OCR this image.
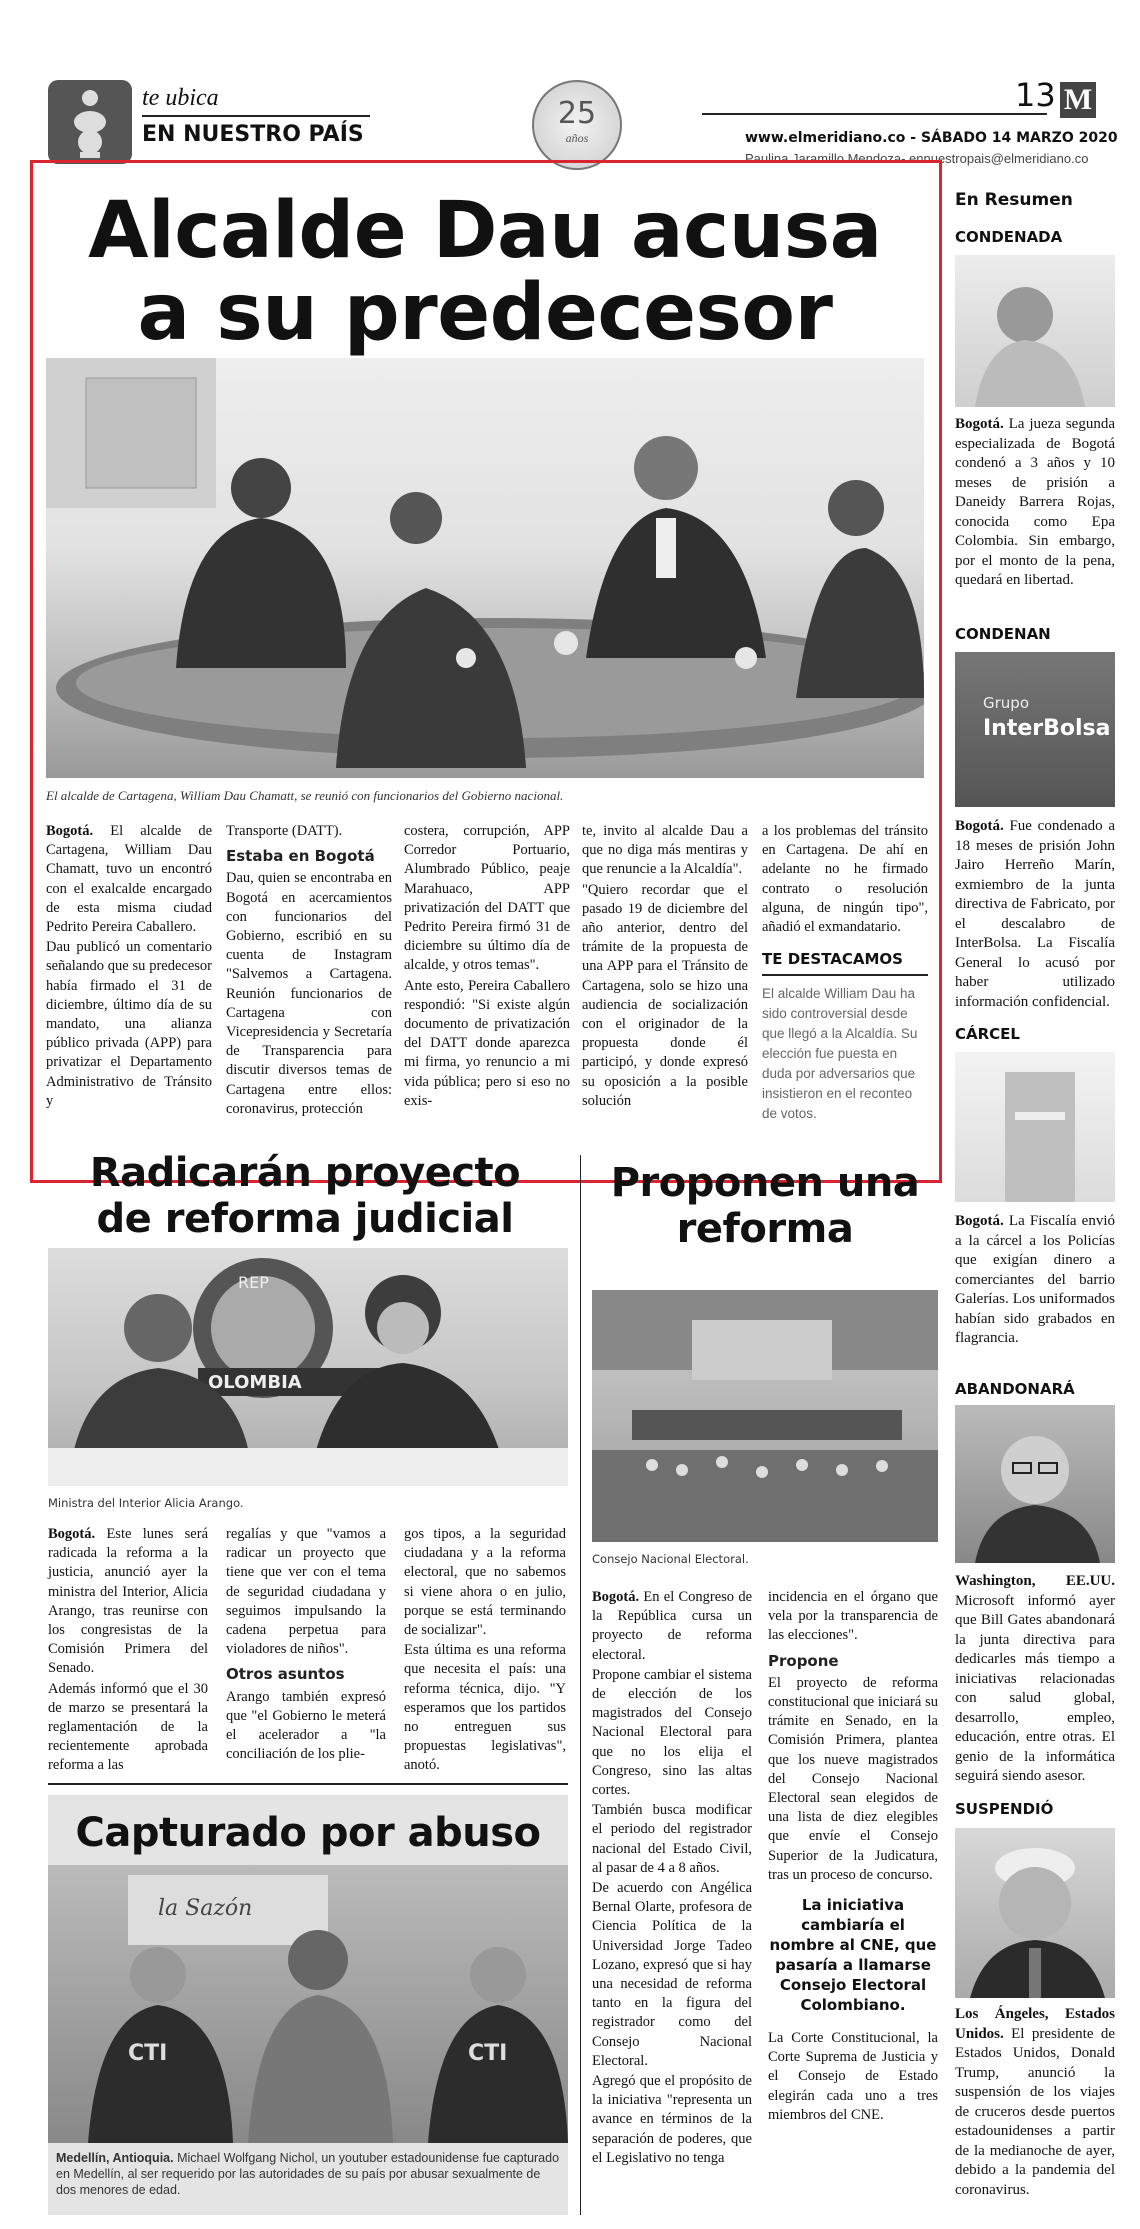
te ubica
EN NUESTRO PAÍS
25
años
13 M
www.elmeridiano.co - SÁBADO 14 MARZO 2020
Paulina Jaramillo Mendoza- ennuestropais@elmeridiano.co
Alcalde Dau acusa
a su predecesor
El alcalde de Cartagena, William Dau Chamatt, se reunió con funcionarios del Gobierno nacional.

Bogotá. El alcalde de Cartagena, William Dau Chamatt, tuvo un encontró con el exalcalde encargado de esta misma ciudad Pedrito Pereira Caballero.

Dau publicó un comentario señalando que su predecesor había firmado el 31 de diciembre, último día de su mandato, una alianza público privada (APP) para privatizar el Departamento Administrativo de Tránsito y

Transporte (DATT).

Estaba en Bogotá

Dau, quien se encontraba en Bogotá en acercamientos con funcionarios del Gobierno, escribió en su cuenta de Instagram "Salvemos a Cartagena. Reunión funcionarios de Cartagena con Vicepresidencia y Secretaría de Transparencia para discutir diversos temas de Cartagena entre ellos: coronavirus, protección

costera, corrupción, APP Corredor Portuario, Alumbrado Público, peaje Marahuaco, APP privatización del DATT que Pedrito Pereira firmó 31 de diciembre su último día de alcalde, y otros temas".

Ante esto, Pereira Caballero respondió: "Si existe algún documento de privatización del DATT donde aparezca mi firma, yo renuncio a mi vida pública; pero si eso no exis-

te, invito al alcalde Dau a que no diga más mentiras y que renuncie a la Alcaldía".

"Quiero recordar que el pasado 19 de diciembre del año anterior, dentro del trámite de la propuesta de una APP para el Tránsito de Cartagena, solo se hizo una audiencia de socialización con el originador de la propuesta donde él participó, y donde expresó su oposición a la posible solución

a los problemas del tránsito en Cartagena. De ahí en adelante no he firmado contrato o resolución alguna, de ningún tipo", añadió el exmandatario.

TE DESTACAMOS
El alcalde William Dau ha sido controversial desde que llegó a la Alcaldía. Su elección fue puesta en duda por adversarios que insistieron en el reconteo de votos.
Radicarán proyecto
de reforma judicial
REP
OLOMBIA
Ministra del Interior Alicia Arango.

Bogotá. Este lunes será radicada la reforma a la justicia, anunció ayer la ministra del Interior, Alicia Arango, tras reunirse con los congresistas de la Comisión Primera del Senado.

Además informó que el 30 de marzo se presentará la reglamentación de la recientemente aprobada reforma a las

regalías y que "vamos a radicar un proyecto que tiene que ver con el tema de seguridad ciudadana y seguimos impulsando la cadena perpetua para violadores de niños".

Otros asuntos

Arango también expresó que "el Gobierno le meterá el acelerador a "la conciliación de los plie-

gos tipos, a la seguridad ciudadana y a la reforma electoral, que no sabemos si viene ahora o en julio, porque se está terminando de socializar".

Esta última es una reforma que necesita el país: una reforma técnica, dijo. "Y esperamos que los partidos no entreguen sus propuestas legislativas", anotó.

Capturado por abuso
la Sazón
CTI	CTI
Medellín, Antioquia. Michael Wolfgang Nichol, un youtuber estadounidense fue capturado en Medellín, al ser requerido por las autoridades de su país por abusar sexualmente de dos menores de edad.
Proponen una
reforma
Consejo Nacional Electoral.

Bogotá. En el Congreso de la República cursa un proyecto de reforma electoral.

Propone cambiar el sistema de elección de los magistrados del Consejo Nacional Electoral para que no los elija el Congreso, sino las altas cortes.

También busca modificar el periodo del registrador nacional del Estado Civil, al pasar de 4 a 8 años.

De acuerdo con Angélica Bernal Olarte, profesora de Ciencia Política de la Universidad Jorge Tadeo Lozano, expresó que si hay una necesidad de reforma tanto en la figura del registrador como del Consejo Nacional Electoral.

Agregó que el propósito de la iniciativa "representa un avance en términos de la separación de poderes, que el Legislativo no tenga

incidencia en el órgano que vela por la transparencia de las elecciones".

Propone

El proyecto de reforma constitucional que iniciará su trámite en Senado, en la Comisión Primera, plantea que los nueve magistrados del Consejo Nacional Electoral sean elegidos de una lista de diez elegibles que envíe el Consejo Superior de la Judicatura, tras un proceso de concurso.

La iniciativa cambiaría el nombre al CNE, que pasaría a llamarse Consejo Electoral Colombiano.

La Corte Constitucional, la Corte Suprema de Justicia y el Consejo de Estado elegirán cada uno a tres miembros del CNE.

En Resumen
CONDENADA
Bogotá. La jueza segunda especializada de Bogotá condenó a 3 años y 10 meses de prisión a Daneidy Barrera Rojas, conocida como Epa Colombia. Sin embargo, por el monto de la pena, quedará en libertad.
CONDENAN
Grupo
InterBolsa
Bogotá. Fue condenado a 18 meses de prisión John Jairo Herreño Marín, exmiembro de la junta directiva de Fabricato, por el descalabro de InterBolsa. La Fiscalía General lo acusó por haber utilizado información confidencial.
CÁRCEL
Bogotá. La Fiscalía envió a la cárcel a los Policías que exigían dinero a comerciantes del barrio Galerías. Los uniformados habían sido grabados en flagrancia.
ABANDONARÁ
Washington, EE.UU. Microsoft informó ayer que Bill Gates abandonará la junta directiva para dedicarles más tiempo a iniciativas relacionadas con salud global, desarrollo, empleo, educación, entre otras. El genio de la informática seguirá siendo asesor.
SUSPENDIÓ
Los Ángeles, Estados Unidos. El presidente de Estados Unidos, Donald Trump, anunció la suspensión de los viajes de cruceros desde puertos estadounidenses a partir de la medianoche de ayer, debido a la pandemia del coronavirus.
